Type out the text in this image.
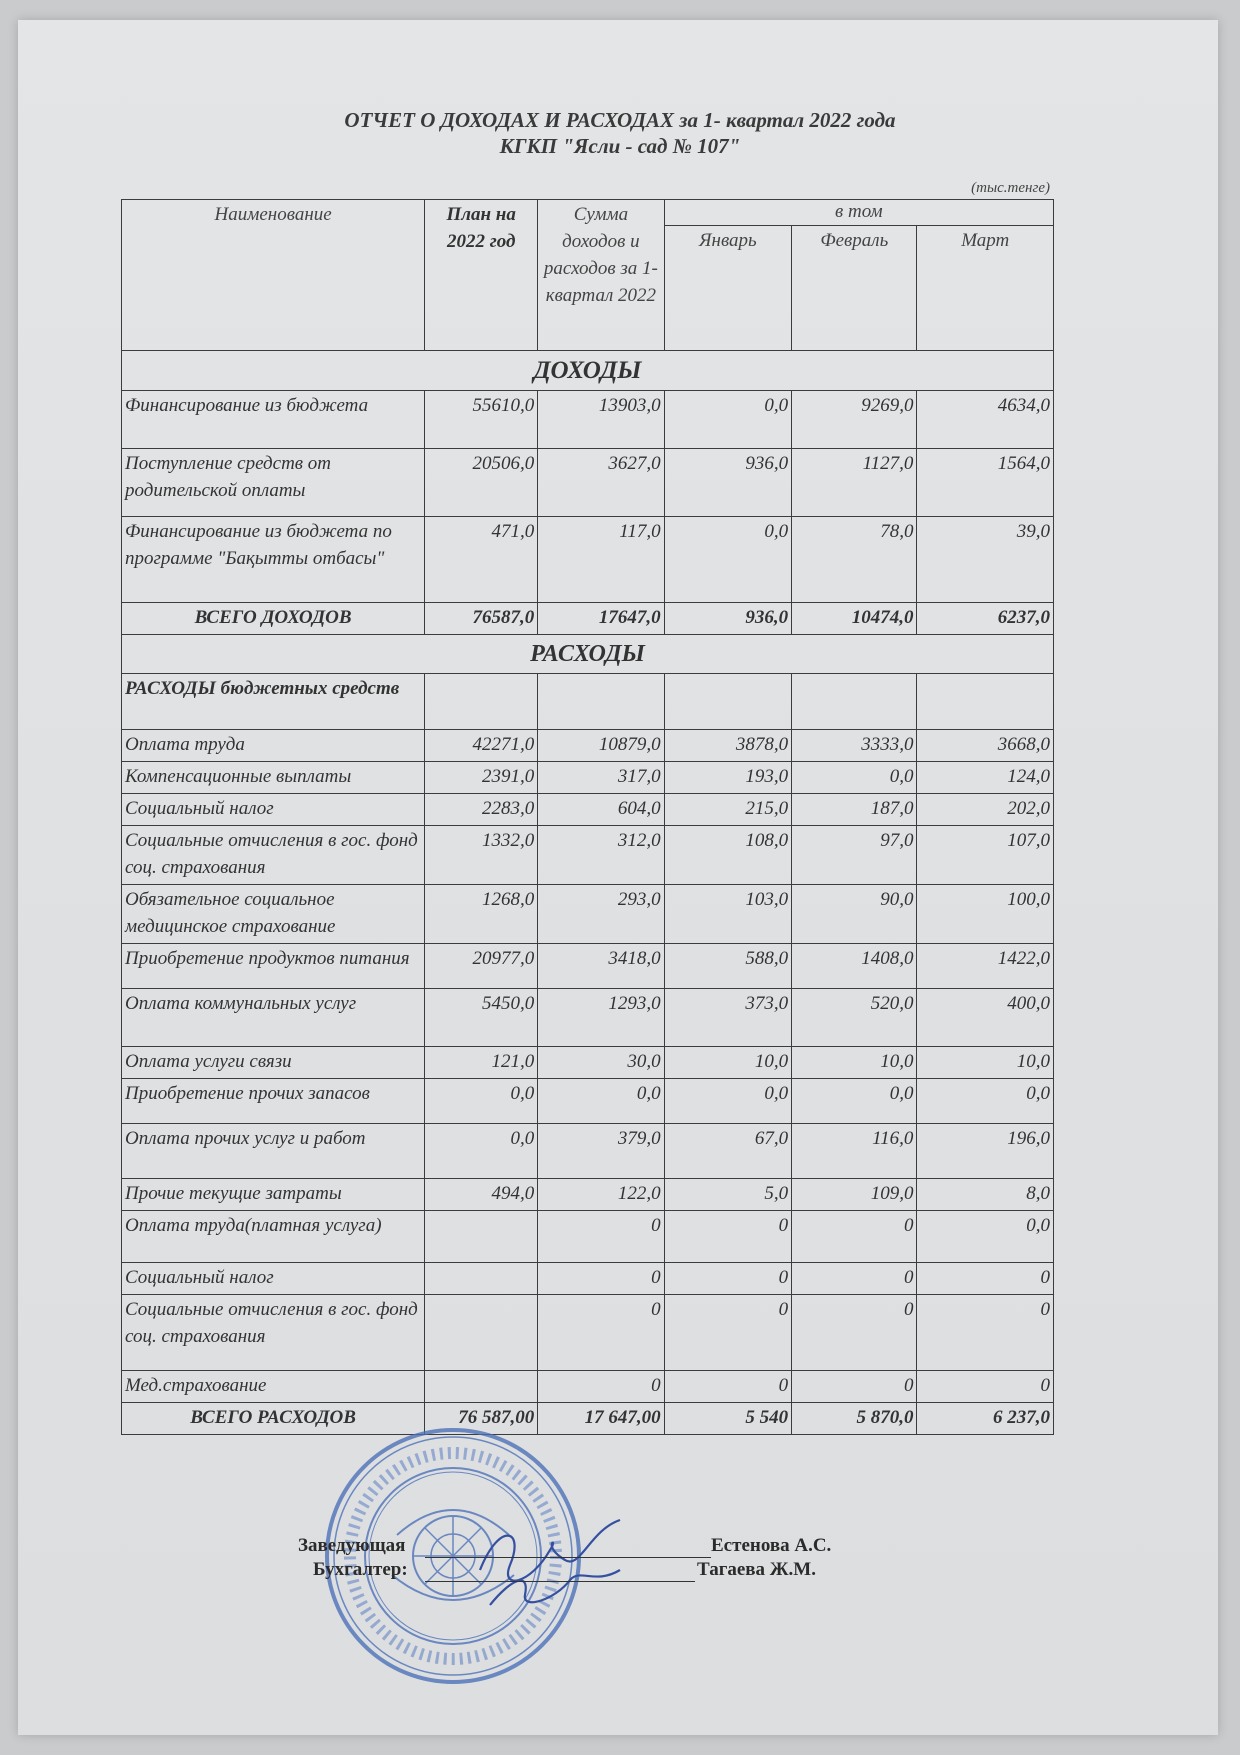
ОТЧЕТ О ДОХОДАХ И РАСХОДАХ за 1- квартал 2022 года
КГКП "Ясли - сад № 107"
(тыс.тенге)
Наименование	План на 2022 год	Сумма доходов и расходов за 1- квартал 2022	в том		
			Январь	Февраль	Март
ДОХОДЫ					
Финансирование из бюджета	55610,0	13903,0	0,0	9269,0	4634,0
Поступление средств от родительской оплаты	20506,0	3627,0	936,0	1127,0	1564,0
Финансирование из бюджета по программе "Бақытты отбасы"	471,0	117,0	0,0	78,0	39,0
ВСЕГО ДОХОДОВ	76587,0	17647,0	936,0	10474,0	6237,0
РАСХОДЫ					
РАСХОДЫ бюджетных средств					
Оплата труда	42271,0	10879,0	3878,0	3333,0	3668,0
Компенсационные выплаты	2391,0	317,0	193,0	0,0	124,0
Социальный налог	2283,0	604,0	215,0	187,0	202,0
Социальные отчисления в гос. фонд соц. страхования	1332,0	312,0	108,0	97,0	107,0
Обязательное социальное медицинское страхование	1268,0	293,0	103,0	90,0	100,0
Приобретение продуктов питания	20977,0	3418,0	588,0	1408,0	1422,0
Оплата коммунальных услуг	5450,0	1293,0	373,0	520,0	400,0
Оплата услуги связи	121,0	30,0	10,0	10,0	10,0
Приобретение прочих запасов	0,0	0,0	0,0	0,0	0,0
Оплата прочих услуг и работ	0,0	379,0	67,0	116,0	196,0
Прочие текущие затраты	494,0	122,0	5,0	109,0	8,0
Оплата труда(платная услуга)		0	0	0	0,0
Социальный налог		0	0	0	0
Социальные отчисления в гос. фонд соц. страхования		0	0	0	0
Мед.страхование		0	0	0	0
ВСЕГО РАСХОДОВ	76 587,00	17 647,00	5 540	5 870,0	6 237,0
Заведующая	Естенова А.С.
Бухгалтер:	Тагаева Ж.М.
